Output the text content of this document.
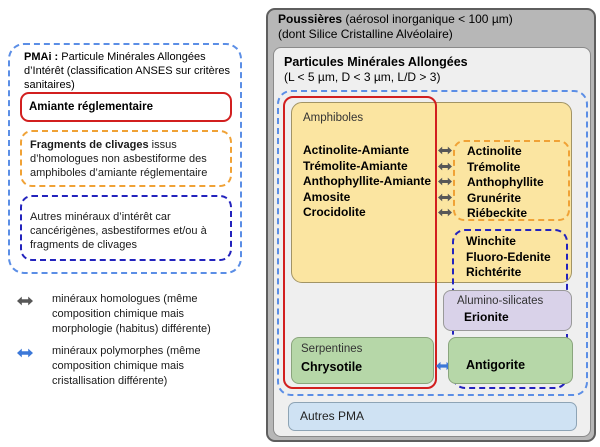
PMAi : Particule Minérales Allongées d’Intérêt (classification ANSES sur critères sanitaires)
Amiante réglementaire
Fragments de clivages issus d’homologues non asbestiforme des amphiboles d’amiante réglementaire
Autres minéraux d’intérêt car cancérigènes, asbestiformes et/ou à fragments de clivages
minéraux homologues (même composition chimique mais morphologie (habitus) différente)
minéraux polymorphes (même composition chimique mais cristallisation différente)
Poussières (aérosol inorganique < 100 µm)
(dont Silice Cristalline Alvéolaire)
Particules Minérales Allongées
(L < 5 µm, D < 3 µm, L/D > 3)
Amphiboles
Actinolite-Amiante
Trémolite-Amiante
Anthophyllite-Amiante
Amosite
Crocidolite
Actinolite
Trémolite
Anthophyllite
Grunérite
Riébeckite
Winchite
Fluoro-Edenite
Richtérite
Alumino-silicates
Erionite
Serpentines
Chrysotile	Antigorite
Autres PMA
